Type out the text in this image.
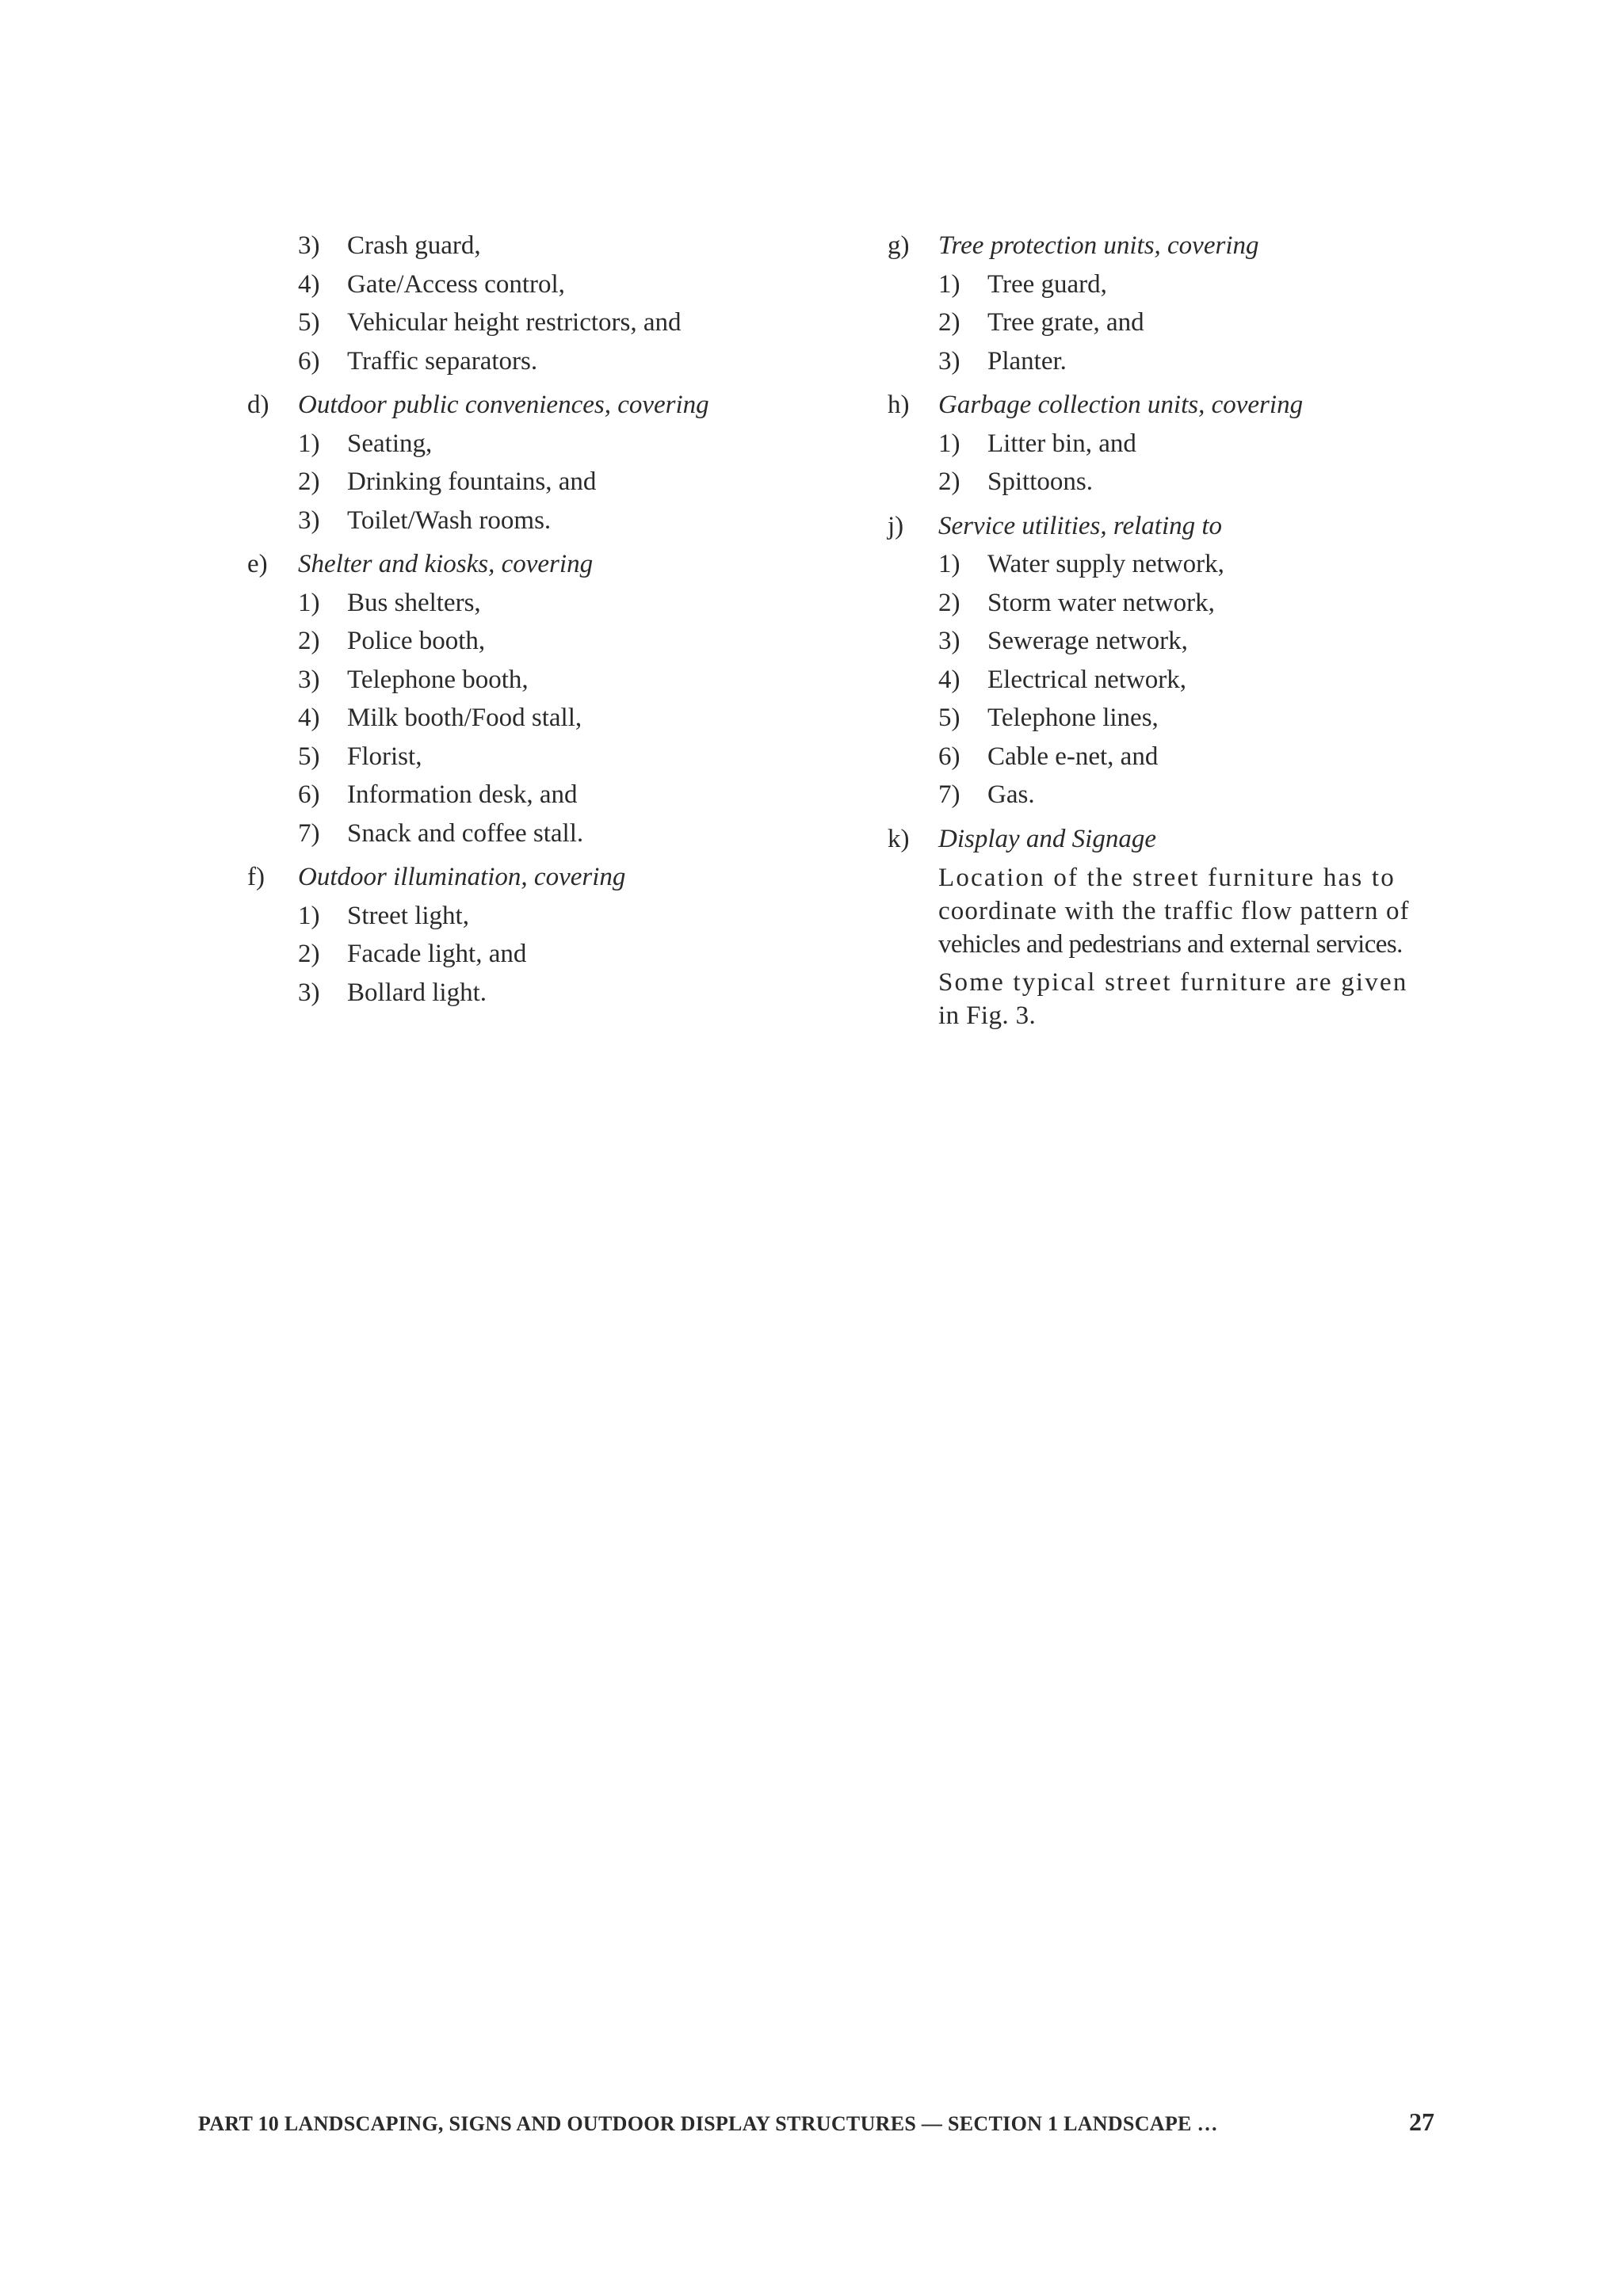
3)	Crash guard,
4)	Gate/Access control,
5)	Vehicular height restrictors, and
6)	Traffic separators.
d)	Outdoor public conveniences, covering
1)	Seating,
2)	Drinking fountains, and
3)	Toilet/Wash rooms.
e)	Shelter and kiosks, covering
1)	Bus shelters,
2)	Police booth,
3)	Telephone booth,
4)	Milk booth/Food stall,
5)	Florist,
6)	Information desk, and
7)	Snack and coffee stall.
f)	Outdoor illumination, covering
1)	Street light,
2)	Facade light, and
3)	Bollard light.
g)	Tree protection units, covering
1)	Tree guard,
2)	Tree grate, and
3)	Planter.
h)	Garbage collection units, covering
1)	Litter bin, and
2)	Spittoons.
j)	Service utilities, relating to
1)	Water supply network,
2)	Storm water network,
3)	Sewerage network,
4)	Electrical network,
5)	Telephone lines,
6)	Cable e-net, and
7)	Gas.
k)	Display and Signage
Location of the street furniture has to
coordinate with the traffic flow pattern of
vehicles and pedestrians and external services.
Some typical street furniture are given
in Fig. 3.
PART 10 LANDSCAPING, SIGNS AND OUTDOOR DISPLAY STRUCTURES — SECTION 1 LANDSCAPE …	27
